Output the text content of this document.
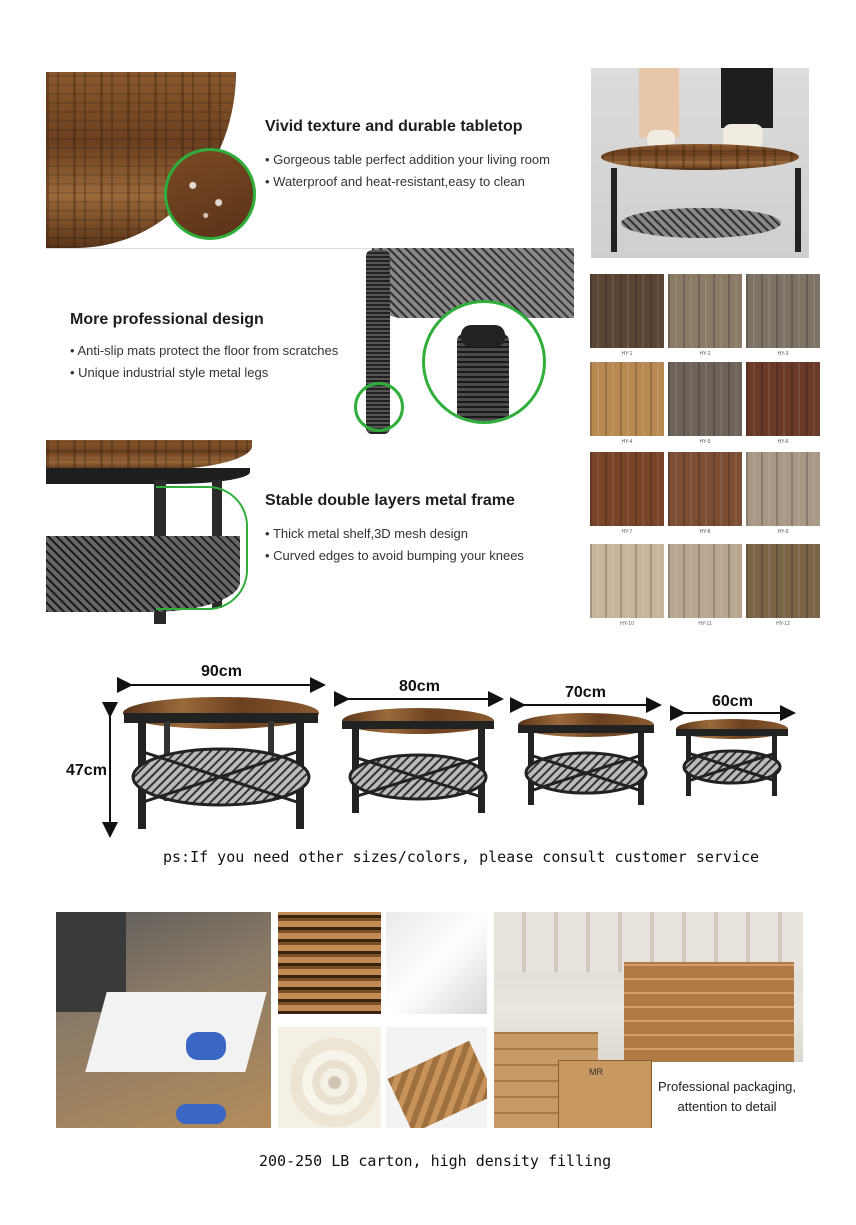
Vivid texture and durable tabletop
• Gorgeous table perfect addition your living room
• Waterproof and heat-resistant,easy to clean
More professional design
• Anti-slip mats protect the floor from scratches
• Unique industrial style metal legs
Stable double layers metal frame
• Thick metal shelf,3D mesh design
• Curved edges to avoid bumping your knees
HY-1	HY-2	HY-3
HY-4	HY-5	HY-6
HY-7	HY-8	HY-9
HY-10	HY-11	HY-12
47cm
90cm
80cm	70cm
60cm
ps:If you need other sizes/colors, please consult customer service
MR
Professional packaging,
attention to detail
200-250 LB carton, high density filling
